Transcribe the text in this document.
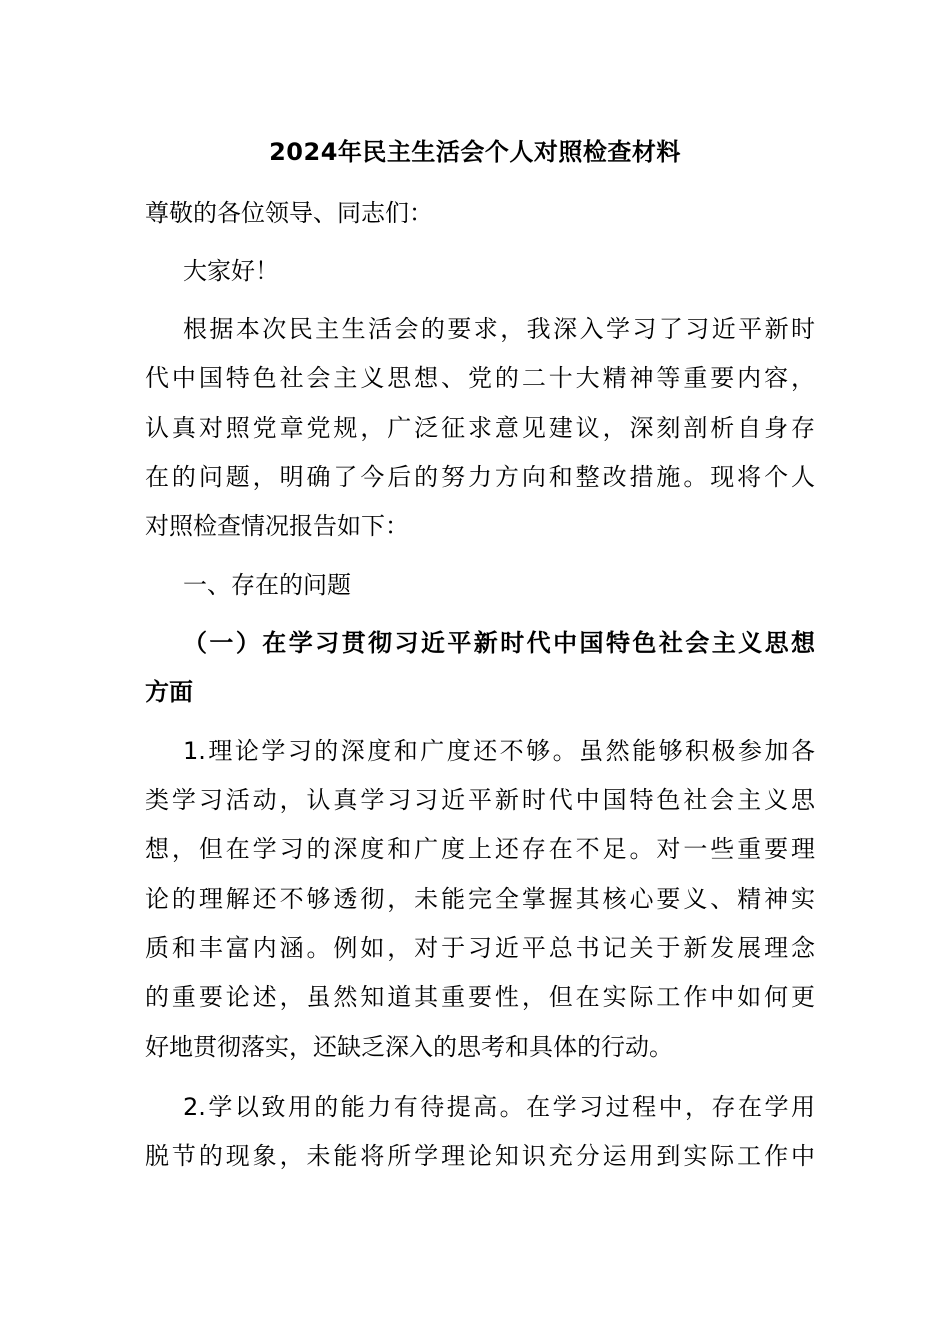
2024年民主生活会个人对照检查材料
尊敬的各位领导、同志们：
大家好！
根据本次民主生活会的要求，我深入学习了习近平新时
代中国特色社会主义思想、党的二十大精神等重要内容，
认真对照党章党规，广泛征求意见建议，深刻剖析自身存
在的问题，明确了今后的努力方向和整改措施。现将个人
对照检查情况报告如下：
一、存在的问题
（一）在学习贯彻习近平新时代中国特色社会主义思想
方面
1.理论学习的深度和广度还不够。虽然能够积极参加各
类学习活动，认真学习习近平新时代中国特色社会主义思
想，但在学习的深度和广度上还存在不足。对一些重要理
论的理解还不够透彻，未能完全掌握其核心要义、精神实
质和丰富内涵。例如，对于习近平总书记关于新发展理念
的重要论述，虽然知道其重要性，但在实际工作中如何更
好地贯彻落实，还缺乏深入的思考和具体的行动。
2.学以致用的能力有待提高。在学习过程中，存在学用
脱节的现象，未能将所学理论知识充分运用到实际工作中
